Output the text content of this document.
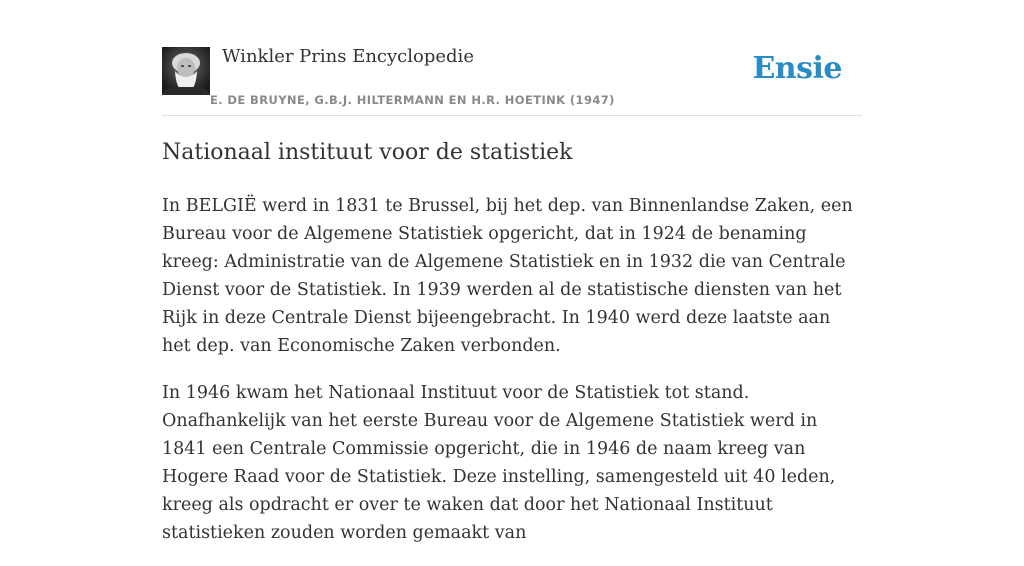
Winkler Prins Encyclopedie
E. DE BRUYNE, G.B.J. HILTERMANN EN H.R. HOETINK (1947)
Ensie
Nationaal instituut voor de statistiek

In BELGIË werd in 1831 te Brussel, bij het dep. van Binnenlandse Zaken, een Bureau voor de Algemene Statistiek opgericht, dat in 1924 de benaming kreeg: Administratie van de Algemene Statistiek en in 1932 die van Centrale Dienst voor de Statistiek. In 1939 werden al de statistische diensten van het Rijk in deze Centrale Dienst bijeengebracht. In 1940 werd deze laatste aan het dep. van Economische Zaken verbonden.

In 1946 kwam het Nationaal Instituut voor de Statistiek tot stand. Onafhankelijk van het eerste Bureau voor de Algemene Statistiek werd in 1841 een Centrale Commissie opgericht, die in 1946 de naam kreeg van Hogere Raad voor de Statistiek. Deze instelling, samengesteld uit 40 leden, kreeg als opdracht er over te waken dat door het Nationaal Instituut statistieken zouden worden gemaakt van
